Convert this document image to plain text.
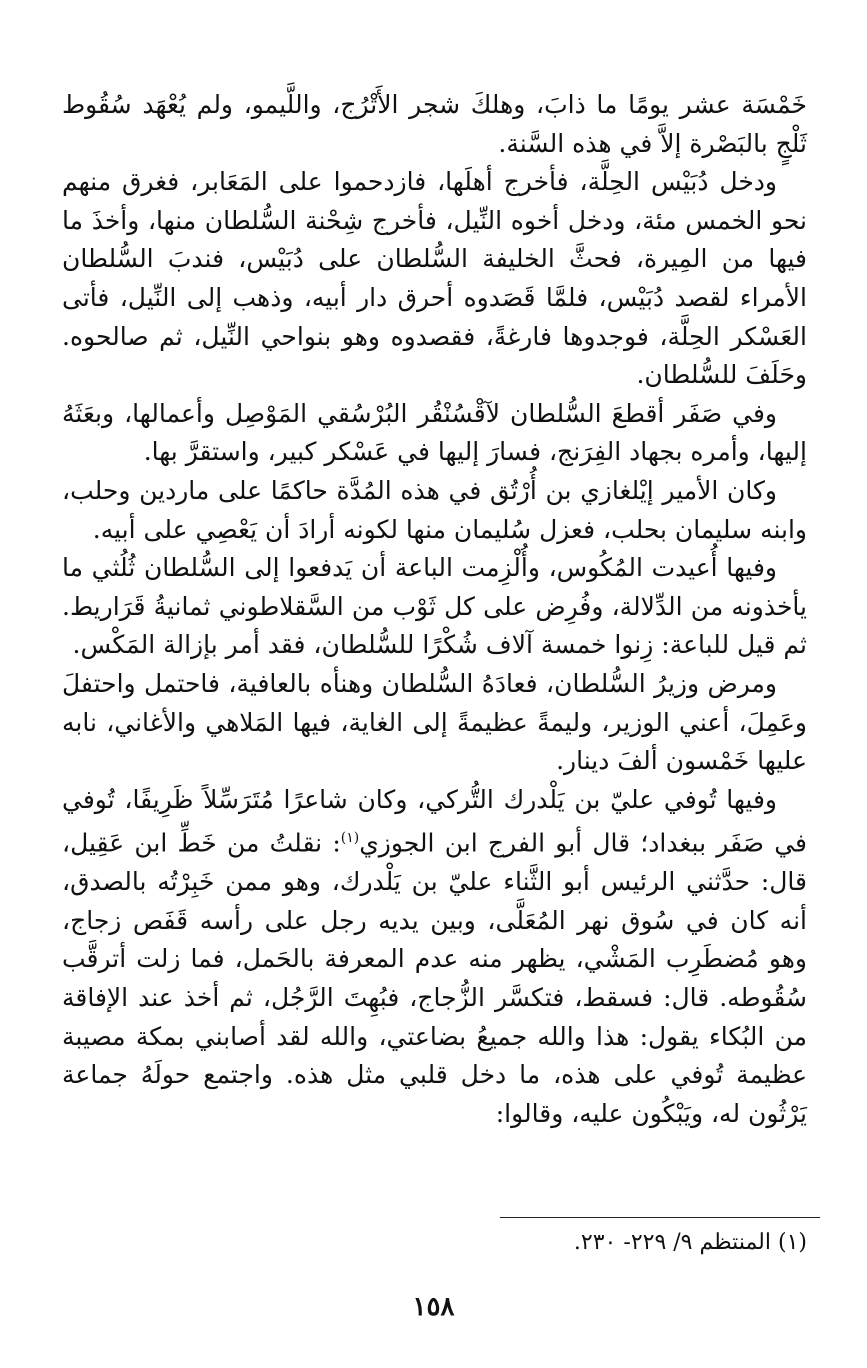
خَمْسَة عشر يومًا ما ذابَ، وهلكَ شجر الأَتْرُج، واللَّيمو، ولم يُعْهَد سُقُوط ثَلْجٍ بالبَصْرة إلاَّ في هذه السَّنة.

ودخل دُبَيْس الحِلَّة، فأخرج أهلَها، فازدحموا على المَعَابر، فغرق منهم نحو الخمس مئة، ودخل أخوه النِّيل، فأخرج شِحْنة السُّلطان منها، وأخذَ ما فيها من المِيرة، فحثَّ الخليفة السُّلطان على دُبَيْس، فندبَ السُّلطان الأمراء لقصد دُبَيْس، فلمَّا قَصَدوه أحرق دار أبيه، وذهب إلى النِّيل، فأتى العَسْكر الحِلَّة، فوجدوها فارغةً، فقصدوه وهو بنواحي النِّيل، ثم صالحوه. وحَلَفَ للسُّلطان.

وفي صَفَر أقطعَ السُّلطان لآقْسُنْقُر البُرْسُقي المَوْصِل وأعمالها، وبعَثَهُ إليها، وأمره بجهاد الفِرَنج، فسارَ إليها في عَسْكر كبير، واستقرَّ بها.

وكان الأمير إيْلغازي بن أُرْتُق في هذه المُدَّة حاكمًا على ماردين وحلب، وابنه سليمان بحلب، فعزل سُليمان منها لكونه أرادَ أن يَعْصِي على أبيه.

وفيها أُعيدت المُكُوس، وأُلْزِمت الباعة أن يَدفعوا إلى السُّلطان ثُلُثي ما يأخذونه من الدِّلالة، وفُرِض على كل ثَوْب من السَّقلاطوني ثمانيةُ قَرَاريط. ثم قيل للباعة: زِنوا خمسة آلاف شُكْرًا للسُّلطان، فقد أمر بإزالة المَكْس.

ومرض وزيرُ السُّلطان، فعادَهُ السُّلطان وهنأه بالعافية، فاحتمل واحتفلَ وعَمِلَ، أعني الوزير، وليمةً عظيمةً إلى الغاية، فيها المَلاهي والأغاني، نابه عليها خَمْسون ألفَ دينار.

وفيها تُوفي عليّ بن يَلْدرك التُّركي، وكان شاعرًا مُتَرَسِّلاً ظَرِيفًا، تُوفي في صَفَر ببغداد؛ قال أبو الفرج ابن الجوزي$^{(١)}$: نقلتُ من خَطِّ ابن عَقِيل، قال: حدَّثني الرئيس أبو الثَّناء عليّ بن يَلْدرك، وهو ممن خَبِرْتُه بالصدق، أنه كان في سُوق نهر المُعَلَّى، وبين يديه رجل على رأسه قَفَص زجاج، وهو مُضطَرِب المَشْي، يظهر منه عدم المعرفة بالحَمل، فما زلت أترقَّب سُقُوطه. قال: فسقط، فتكسَّر الزُّجاج، فبُهِتَ الرَّجُل، ثم أخذ عند الإفاقة من البُكاء يقول: هذا والله جميعُ بضاعتي، والله لقد أصابني بمكة مصيبة عظيمة تُوفي على هذه، ما دخل قلبي مثل هذه. واجتمع حولَهُ جماعة يَرْثُون له، ويَبْكُون عليه، وقالوا:

(١) المنتظم ٩/ ٢٢٩- ٢٣٠.
١٥٨
